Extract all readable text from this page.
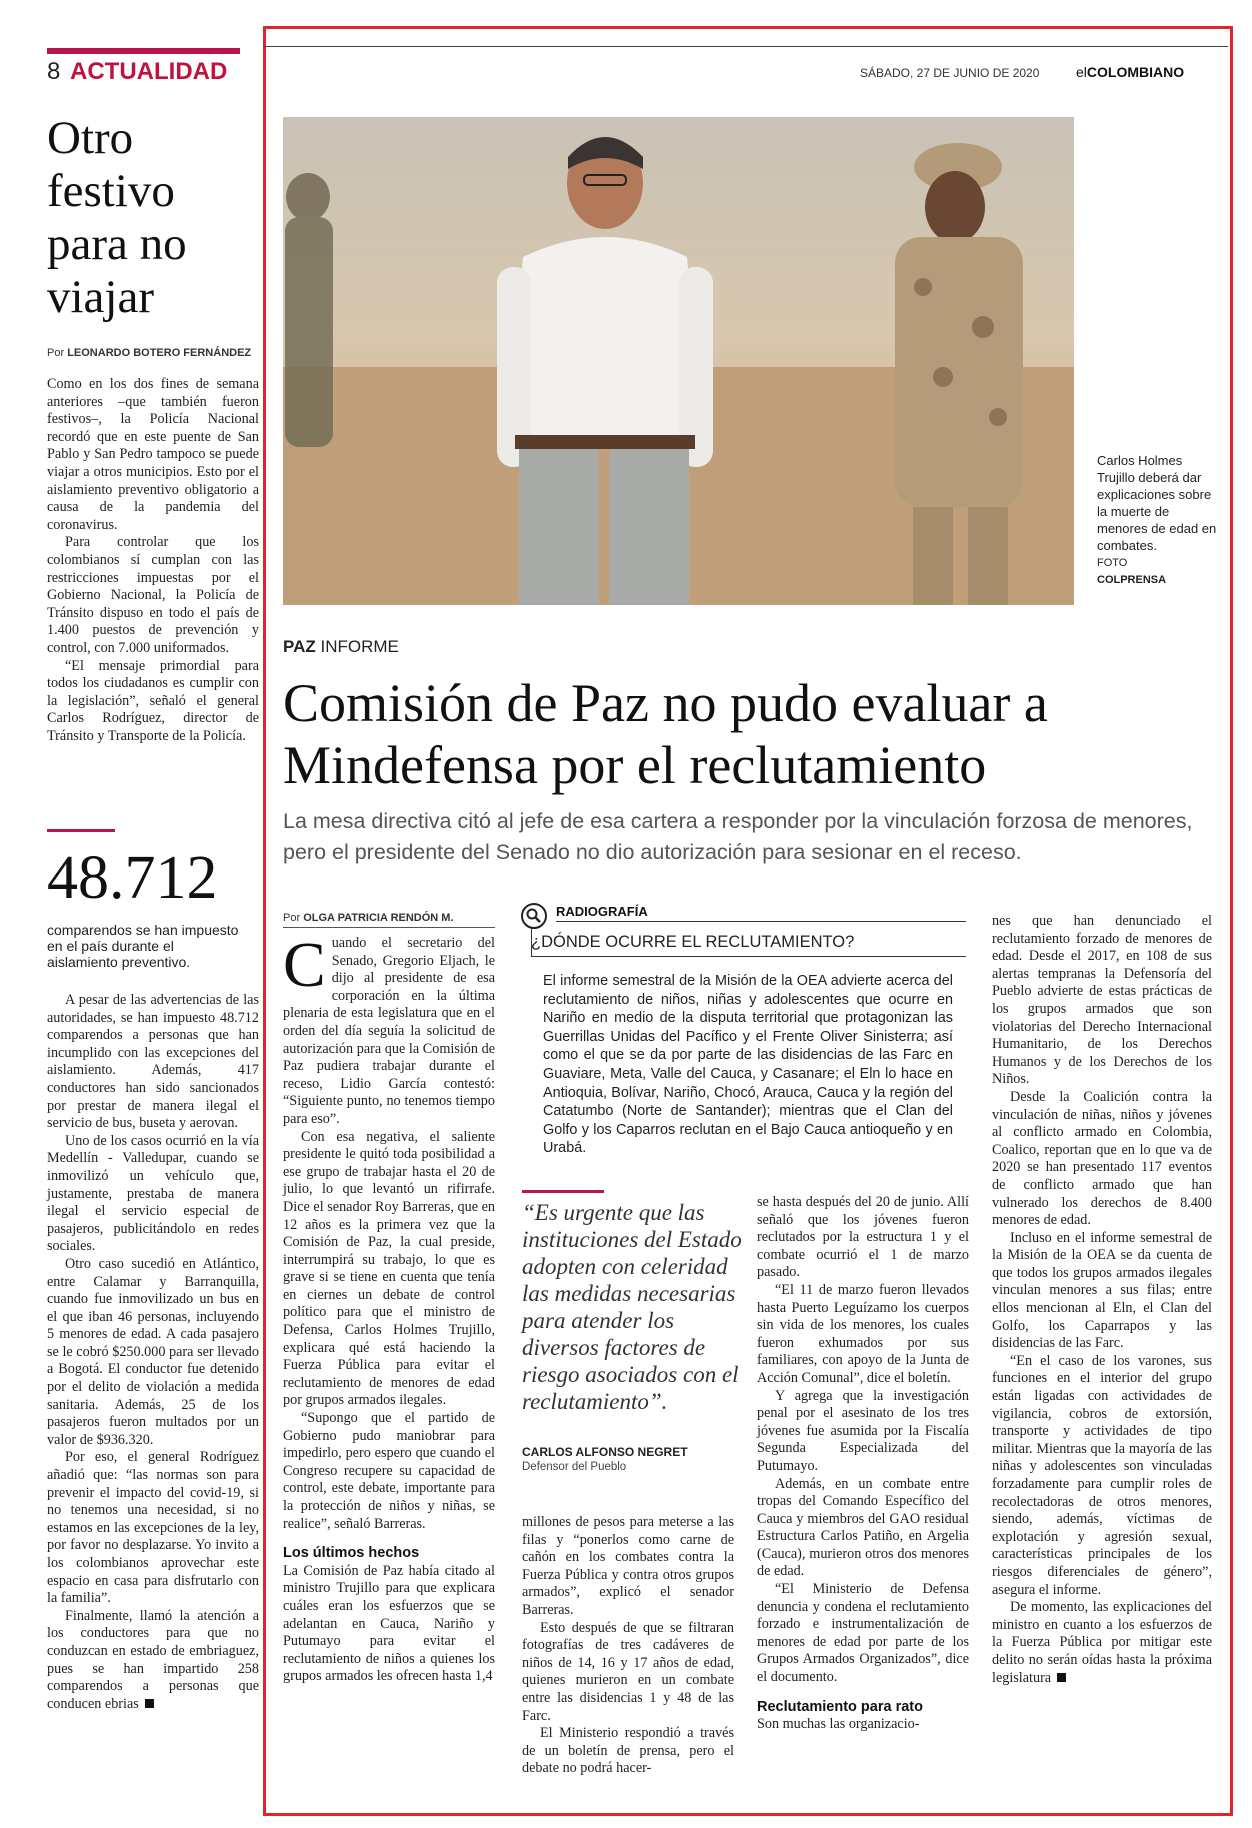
8 ACTUALIDAD	SÁBADO, 27 DE JUNIO DE 2020	elCOLOMBIANO
Otro festivo para no viajar
Por LEONARDO BOTERO FERNÁNDEZ

Como en los dos fines de semana anteriores –que también fueron festivos–, la Policía Nacional recordó que en este puente de San Pablo y San Pedro tampoco se puede viajar a otros municipios. Esto por el aislamiento preventivo obligatorio a causa de la pandemia del coronavirus.

Para controlar que los colombianos sí cumplan con las restricciones impuestas por el Gobierno Nacional, la Policía de Tránsito dispuso en todo el país de 1.400 puestos de prevención y control, con 7.000 uniformados.

“El mensaje primordial para todos los ciudadanos es cumplir con la legislación”, señaló el general Carlos Rodríguez, director de Tránsito y Transporte de la Policía.

48.712
comparendos se han impuesto en el país durante el aislamiento preventivo.

A pesar de las advertencias de las autoridades, se han impuesto 48.712 comparendos a personas que han incumplido con las excepciones del aislamiento. Además, 417 conductores han sido sancionados por prestar de manera ilegal el servicio de bus, buseta y aerovan.

Uno de los casos ocurrió en la vía Medellín - Valledupar, cuando se inmovilizó un vehículo que, justamente, prestaba de manera ilegal el servicio especial de pasajeros, publicitándolo en redes sociales.

Otro caso sucedió en Atlántico, entre Calamar y Barranquilla, cuando fue inmovilizado un bus en el que iban 46 personas, incluyendo 5 menores de edad. A cada pasajero se le cobró $250.000 para ser llevado a Bogotá. El conductor fue detenido por el delito de violación a medida sanitaria. Además, 25 de los pasajeros fueron multados por un valor de $936.320.

Por eso, el general Rodríguez añadió que: “las normas son para prevenir el impacto del covid-19, si no tenemos una necesidad, si no estamos en las excepciones de la ley, por favor no desplazarse. Yo invito a los colombianos aprovechar este espacio en casa para disfrutarlo con la familia”.

Finalmente, llamó la atención a los conductores para que no conduzcan en estado de embriaguez, pues se han impartido 258 comparendos a personas que conducen ebrias

Carlos Holmes Trujillo deberá dar explicaciones sobre la muerte de menores de edad en combates.
FOTO
COLPRENSA
PAZ INFORME
Comisión de Paz no pudo evaluar a Mindefensa por el reclutamiento
La mesa directiva citó al jefe de esa cartera a responder por la vinculación forzosa de menores, pero el presidente del Senado no dio autorización para sesionar en el receso.
Por OLGA PATRICIA RENDÓN M.

Cuando el secretario del Senado, Gregorio Eljach, le dijo al presidente de esa corporación en la última plenaria de esta legislatura que en el orden del día seguía la solicitud de autorización para que la Comisión de Paz pudiera trabajar durante el receso, Lidio García contestó: “Siguiente punto, no tenemos tiempo para eso”.

Con esa negativa, el saliente presidente le quitó toda posibilidad a ese grupo de trabajar hasta el 20 de julio, lo que levantó un rifirrafe. Dice el senador Roy Barreras, que en 12 años es la primera vez que la Comisión de Paz, la cual preside, interrumpirá su trabajo, lo que es grave si se tiene en cuenta que tenía en ciernes un debate de control político para que el ministro de Defensa, Carlos Holmes Trujillo, explicara qué está haciendo la Fuerza Pública para evitar el reclutamiento de menores de edad por grupos armados ilegales.

“Supongo que el partido de Gobierno pudo maniobrar para impedirlo, pero espero que cuando el Congreso recupere su capacidad de control, este debate, importante para la protección de niños y niñas, se realice”, señaló Barreras.

Los últimos hechos

La Comisión de Paz había citado al ministro Trujillo para que explicara cuáles eran los esfuerzos que se adelantan en Cauca, Nariño y Putumayo para evitar el reclutamiento de niños a quienes los grupos armados les ofrecen hasta 1,4

RADIOGRAFÍA
¿DÓNDE OCURRE EL RECLUTAMIENTO?
El informe semestral de la Misión de la OEA advierte acerca del reclutamiento de niños, niñas y adolescentes que ocurre en Nariño en medio de la disputa territorial que protagonizan las Guerrillas Unidas del Pacífico y el Frente Oliver Sinisterra; así como el que se da por parte de las disidencias de las Farc en Guaviare, Meta, Valle del Cauca, y Casanare; el Eln lo hace en Antioquia, Bolívar, Nariño, Chocó, Arauca, Cauca y la región del Catatumbo (Norte de Santander); mientras que el Clan del Golfo y los Caparros reclutan en el Bajo Cauca antioqueño y en Urabá.
“Es urgente que las instituciones del Estado adopten con celeridad las medidas necesarias para atender los diversos factores de riesgo asociados con el reclutamiento”.
CARLOS ALFONSO NEGRET
Defensor del Pueblo

millones de pesos para meterse a las filas y “ponerlos como carne de cañón en los combates contra la Fuerza Pública y contra otros grupos armados”, explicó el senador Barreras.

Esto después de que se filtraran fotografías de tres cadáveres de niños de 14, 16 y 17 años de edad, quienes murieron en un combate entre las disidencias 1 y 48 de las Farc.

El Ministerio respondió a través de un boletín de prensa, pero el debate no podrá hacer-

se hasta después del 20 de junio. Allí señaló que los jóvenes fueron reclutados por la estructura 1 y el combate ocurrió el 1 de marzo pasado.

“El 11 de marzo fueron llevados hasta Puerto Leguízamo los cuerpos sin vida de los menores, los cuales fueron exhumados por sus familiares, con apoyo de la Junta de Acción Comunal”, dice el boletín.

Y agrega que la investigación penal por el asesinato de los tres jóvenes fue asumida por la Fiscalía Segunda Especializada del Putumayo.

Además, en un combate entre tropas del Comando Específico del Cauca y miembros del GAO residual Estructura Carlos Patiño, en Argelia (Cauca), murieron otros dos menores de edad.

“El Ministerio de Defensa denuncia y condena el reclutamiento forzado e instrumentalización de menores de edad por parte de los Grupos Armados Organizados”, dice el documento.

Reclutamiento para rato

Son muchas las organizacio-

nes que han denunciado el reclutamiento forzado de menores de edad. Desde el 2017, en 108 de sus alertas tempranas la Defensoría del Pueblo advierte de estas prácticas de los grupos armados que son violatorias del Derecho Internacional Humanitario, de los Derechos Humanos y de los Derechos de los Niños.

Desde la Coalición contra la vinculación de niñas, niños y jóvenes al conflicto armado en Colombia, Coalico, reportan que en lo que va de 2020 se han presentado 117 eventos de conflicto armado que han vulnerado los derechos de 8.400 menores de edad.

Incluso en el informe semestral de la Misión de la OEA se da cuenta de que todos los grupos armados ilegales vinculan menores a sus filas; entre ellos mencionan al Eln, el Clan del Golfo, los Caparrapos y las disidencias de las Farc.

“En el caso de los varones, sus funciones en el interior del grupo están ligadas con actividades de vigilancia, cobros de extorsión, transporte y actividades de tipo militar. Mientras que la mayoría de las niñas y adolescentes son vinculadas forzadamente para cumplir roles de recolectadoras de otros menores, siendo, además, víctimas de explotación y agresión sexual, características principales de los riesgos diferenciales de género”, asegura el informe.

De momento, las explicaciones del ministro en cuanto a los esfuerzos de la Fuerza Pública por mitigar este delito no serán oídas hasta la próxima legislatura
